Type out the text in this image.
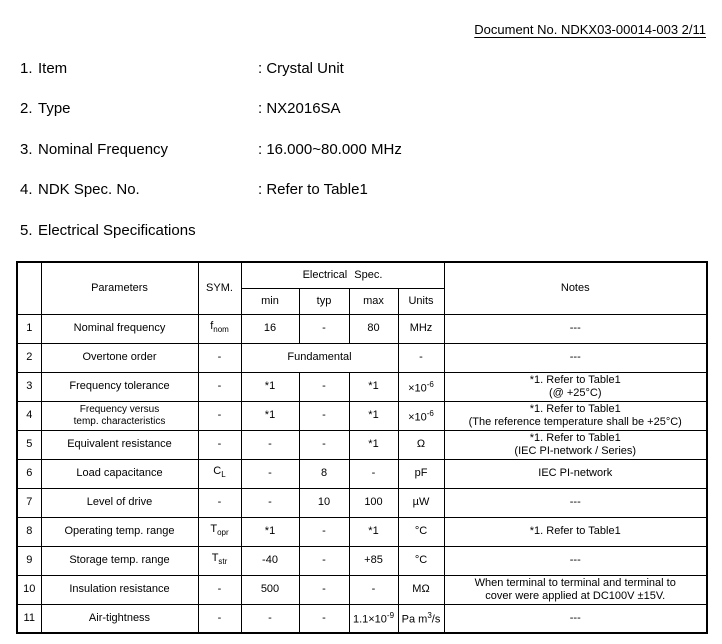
Document No. NDKX03-00014-003 2/11
1. Item	: Crystal Unit
2. Type	: NX2016SA
3. Nominal Frequency	: 16.000~80.000 MHz
4. NDK Spec. No.	: Refer to Table1
5. Electrical Specifications
	Parameters	SYM.	Electrical Spec.				Notes
			min	typ	max	Units	
1	Nominal frequency	$f_{nom}$	16	-	80	MHz	---
2	Overtone order	-	Fundamental			-	---
3	Frequency tolerance	-	*1	-	*1	$\times 10^{-6}$	*1. Refer to Table1
(@ +25°C)
4	Frequency versus
temp. characteristics	-	*1	-	*1	$\times 10^{-6}$	*1. Refer to Table1
(The reference temperature shall be +25°C)
5	Equivalent resistance	-	-	-	*1	Ω	*1. Refer to Table1
(IEC PI-network / Series)
6	Load capacitance	$C_L$	-	8	-	pF	IEC PI-network
7	Level of drive	-	-	10	100	µW	---
8	Operating temp. range	$T_{opr}$	*1	-	*1	°C	*1. Refer to Table1
9	Storage temp. range	$T_{str}$	-40	-	+85	°C	---
10	Insulation resistance	-	500	-	-	MΩ	When terminal to terminal and terminal to
cover were applied at DC100V ±15V.
11	Air-tightness	-	-	-	$1.1\times 10^{-9}$	Pa $m^3/s$	---
